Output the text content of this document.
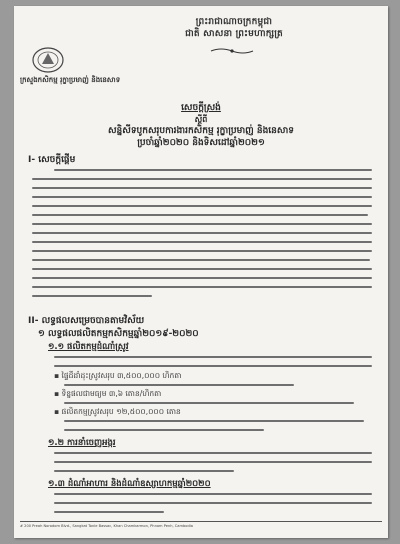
ព្រះរាជាណាចក្រកម្ពុជា
ជាតិ សាសនា ព្រះមហាក្សត្រ
ក្រសួងកសិកម្ម រុក្ខាប្រមាញ់ និងនេសាទ
សេចក្តីស្រង់
ស្តីពី
សន្និសីទបូកសរុបការងារកសិកម្ម រុក្ខាប្រមាញ់ និងនេសាទ
ប្រចាំឆ្នាំ២០២០ និងទិសដៅឆ្នាំ២០២១
I- សេចក្តីផ្តើម
II- លទ្ធផលសម្រេចបានតាមវិស័យ
១ លទ្ធផលផលិតកម្មកសិកម្មឆ្នាំ២០១៩-២០២០
១.១ ផលិតកម្មដំណាំស្រូវ
▪ ផ្ទៃដីដាំដុះស្រូវសរុប ៣,៥០០,០០០ ហិកតា
▪ ទិន្នផលជាមធ្យម ៣,៦ តោន/ហិកតា
▪ ផលិតកម្មស្រូវសរុប ១២,៥០០,០០០ តោន
១.២ ការនាំចេញអង្ករ
១.៣ ដំណាំអាហារ និងដំណាំឧស្សាហកម្មឆ្នាំ២០២០
# 200 Preah Norodom Blvd., Sangkat Tonle Bassac, Khan Chamkarmon, Phnom Penh, Cambodia
